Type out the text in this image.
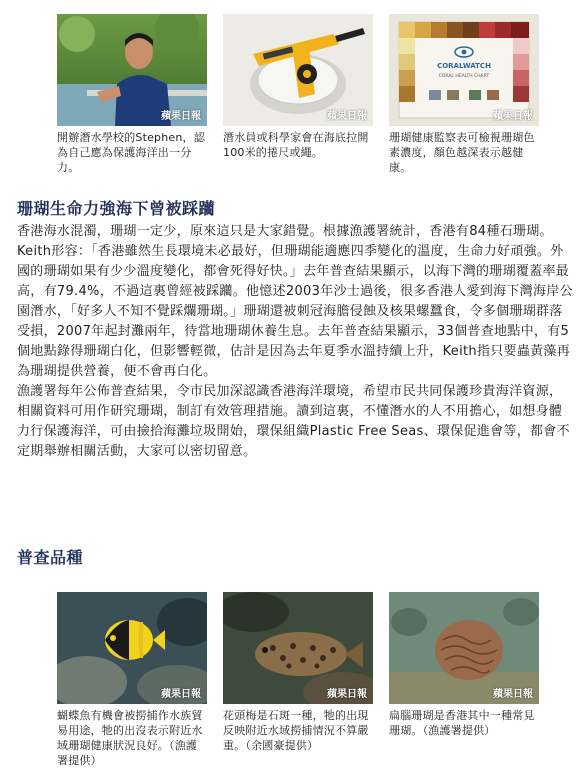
蘋果日報
開辦潛水學校的Stephen，認為自己應為保護海洋出一分力。
蘋果日報
潛水員或科學家會在海底拉開100米的捲尺或繩。
CORALWATCH
CORAL HEALTH CHART
蘋果日報
珊瑚健康監察表可檢視珊瑚色素濃度，顏色越深表示越健康。
珊瑚生命力強海下曾被踩躪

香港海水混濁，珊瑚一定少，原來這只是大家錯覺。根據漁護署統計，香港有84種石珊瑚。Keith形容：「香港雖然生長環境未必最好，但珊瑚能適應四季變化的溫度，生命力好頑強。外國的珊瑚如果有少少溫度變化，都會死得好快。」去年普查結果顯示，以海下灣的珊瑚覆蓋率最高，有79.4%，不過這裏曾經被踩躪。他憶述2003年沙士過後，很多香港人愛到海下灣海岸公園潛水，「好多人不知不覺踩爛珊瑚。」珊瑚還被刺冠海膽侵蝕及核果螺蠶食，令多個珊瑚群落受損，2007年起封灘兩年，待當地珊瑚休養生息。去年普查結果顯示，33個普查地點中，有5個地點錄得珊瑚白化，但影響輕微，估計是因為去年夏季水溫持續上升，Keith指只要蟲黃藻再為珊瑚提供營養，便不會再白化。

漁護署每年公佈普查結果，令市民加深認識香港海洋環境，希望市民共同保護珍貴海洋資源，相關資料可用作研究珊瑚，制訂有效管理措施。讀到這裏，不懂潛水的人不用擔心，如想身體力行保護海洋，可由撿拾海灘垃圾開始，環保組織Plastic Free Seas、環保促進會等，都會不定期舉辦相關活動，大家可以密切留意。

普查品種
蘋果日報
蝴蝶魚有機會被撈捕作水族貿易用途，牠的出沒表示附近水域珊瑚健康狀況良好。（漁護署提供）
蘋果日報
花頭梅是石斑一種，牠的出現反映附近水域撈捕情況不算嚴重。（余國豪提供）
蘋果日報
扁腦珊瑚是香港其中一種常見珊瑚。（漁護署提供）
